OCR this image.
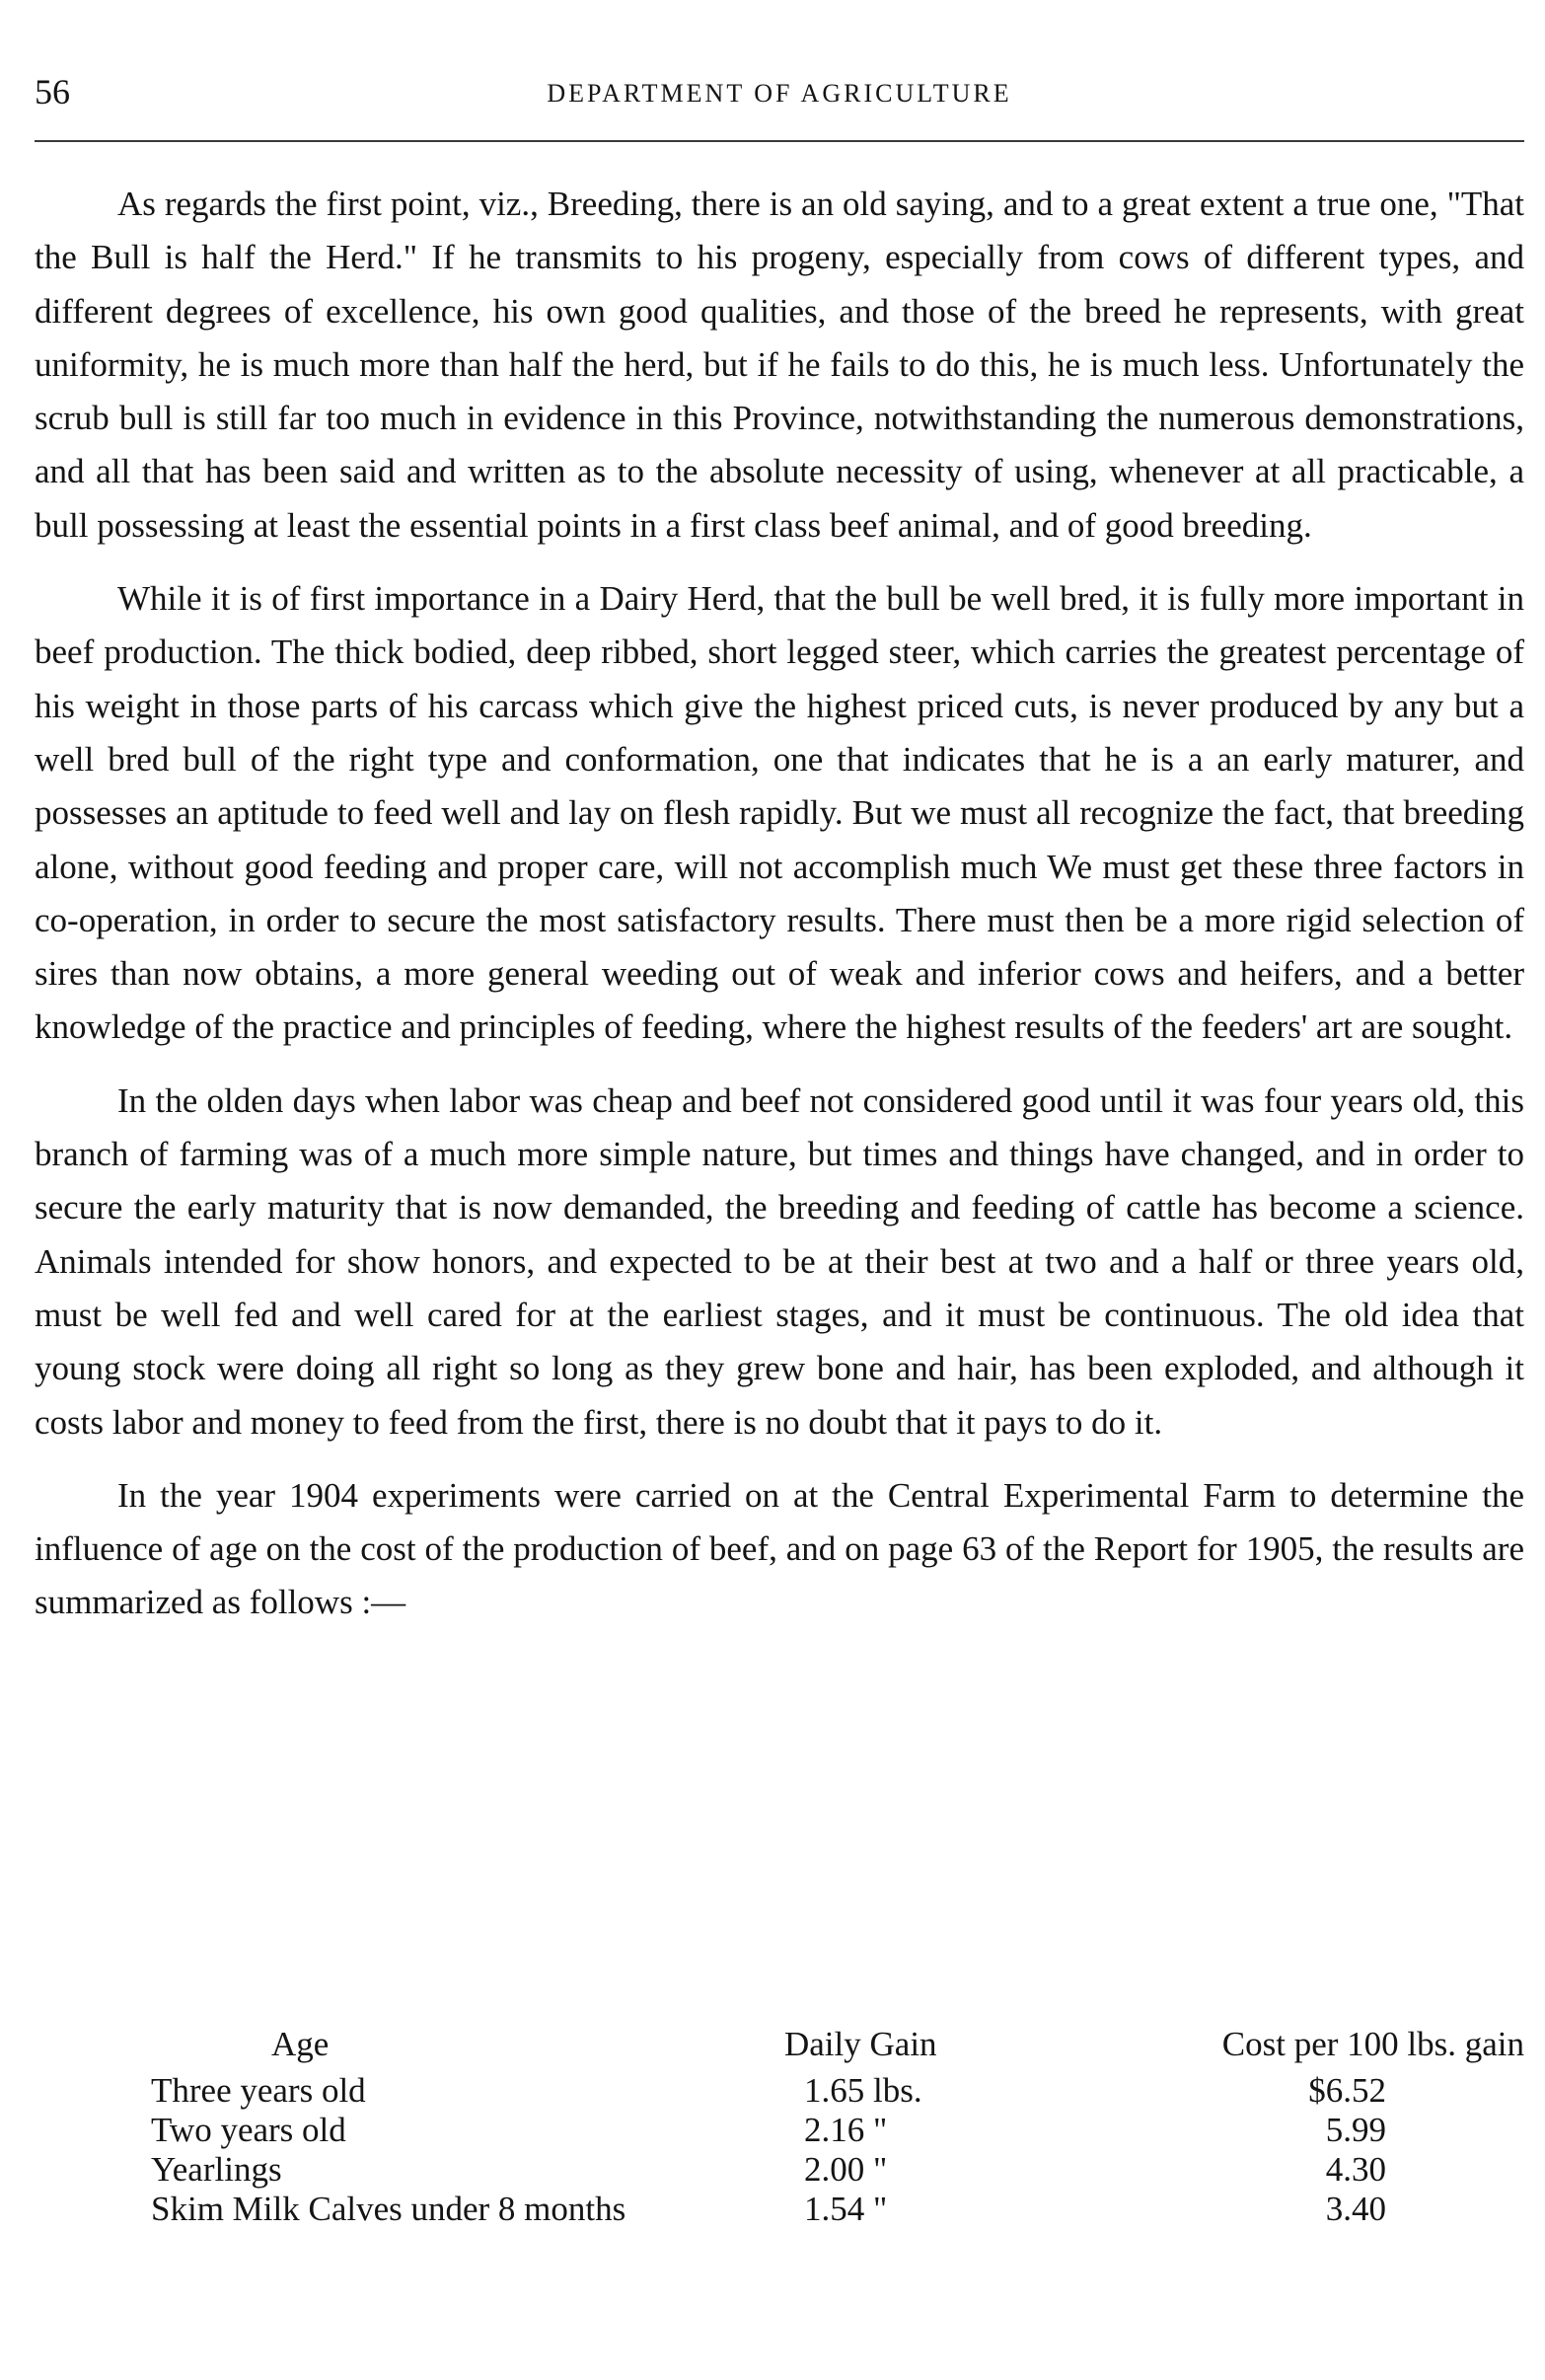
56	DEPARTMENT OF AGRICULTURE

As regards the first point, viz., Breeding, there is an old saying, and to a great extent a true one, "That the Bull is half the Herd." If he transmits to his progeny, especially from cows of different types, and different degrees of excellence, his own good qualities, and those of the breed he represents, with great uniformity, he is much more than half the herd, but if he fails to do this, he is much less. Unfortunately the scrub bull is still far too much in evidence in this Province, notwithstanding the numerous demonstrations, and all that has been said and written as to the absolute necessity of using, whenever at all practicable, a bull possessing at least the essential points in a first class beef animal, and of good breeding.

While it is of first importance in a Dairy Herd, that the bull be well bred, it is fully more important in beef production. The thick bodied, deep ribbed, short legged steer, which carries the greatest percentage of his weight in those parts of his carcass which give the highest priced cuts, is never produced by any but a well bred bull of the right type and conformation, one that indicates that he is a an early maturer, and possesses an aptitude to feed well and lay on flesh rapidly. But we must all recognize the fact, that breeding alone, without good feeding and proper care, will not accomplish much We must get these three factors in co-operation, in order to secure the most satisfactory results. There must then be a more rigid selection of sires than now obtains, a more general weeding out of weak and inferior cows and heifers, and a better knowledge of the practice and principles of feeding, where the highest results of the feeders' art are sought.

In the olden days when labor was cheap and beef not considered good until it was four years old, this branch of farming was of a much more simple nature, but times and things have changed, and in order to secure the early maturity that is now demanded, the breeding and feeding of cattle has become a science. Animals intended for show honors, and expected to be at their best at two and a half or three years old, must be well fed and well cared for at the earliest stages, and it must be continuous. The old idea that young stock were doing all right so long as they grew bone and hair, has been exploded, and although it costs labor and money to feed from the first, there is no doubt that it pays to do it.

In the year 1904 experiments were carried on at the Central Experimental Farm to determine the influence of age on the cost of the production of beef, and on page 63 of the Report for 1905, the results are summarized as follows :—

Age	Daily Gain	Cost per 100 lbs. gain
Three years old	1.65 lbs.	$6.52
Two years old	2.16 "	5.99
Yearlings	2.00 "	4.30
Skim Milk Calves under 8 months	1.54 "	3.40
